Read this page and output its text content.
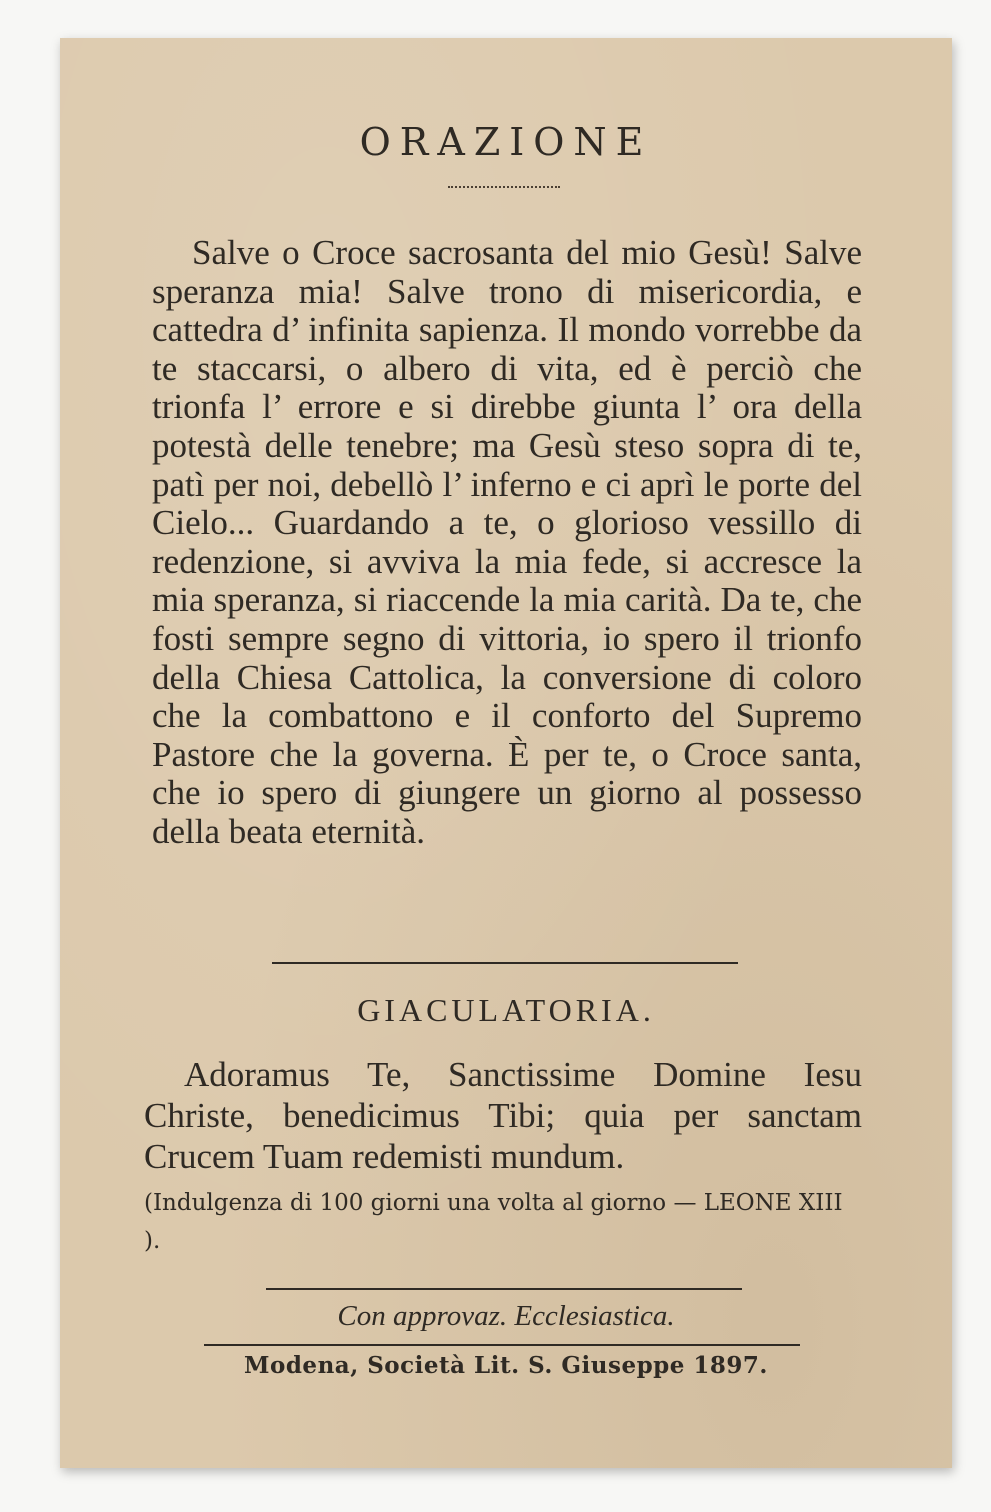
ORAZIONE

Salve o Croce sacrosanta del mio Gesù! Salve speranza mia! Salve trono di misericordia, e cattedra d’ infinita sapienza. Il mondo vorrebbe da te staccarsi, o albero di vita, ed è perciò che trionfa l’ errore e si direbbe giunta l’ ora della potestà delle tenebre; ma Gesù steso sopra di te, patì per noi, debellò l’ inferno e ci aprì le porte del Cielo... Guardando a te, o glorioso vessillo di redenzione, si avviva la mia fede, si accresce la mia speranza, si riaccende la mia carità. Da te, che fosti sempre segno di vittoria, io spero il trionfo della Chiesa Cattolica, la conversione di coloro che la combattono e il conforto del Supremo Pastore che la governa. È per te, o Croce santa, che io spero di giungere un giorno al possesso della beata eternità.

GIACULATORIA.

Adoramus Te, Sanctissime Domine Iesu Christe, benedicimus Tibi; quia per sanctam Crucem Tuam redemisti mundum.

(Indulgenza di 100 giorni una volta al giorno — LEONE XIII ).

Con approvaz. Ecclesiastica.
Modena, Società Lit. S. Giuseppe 1897.
